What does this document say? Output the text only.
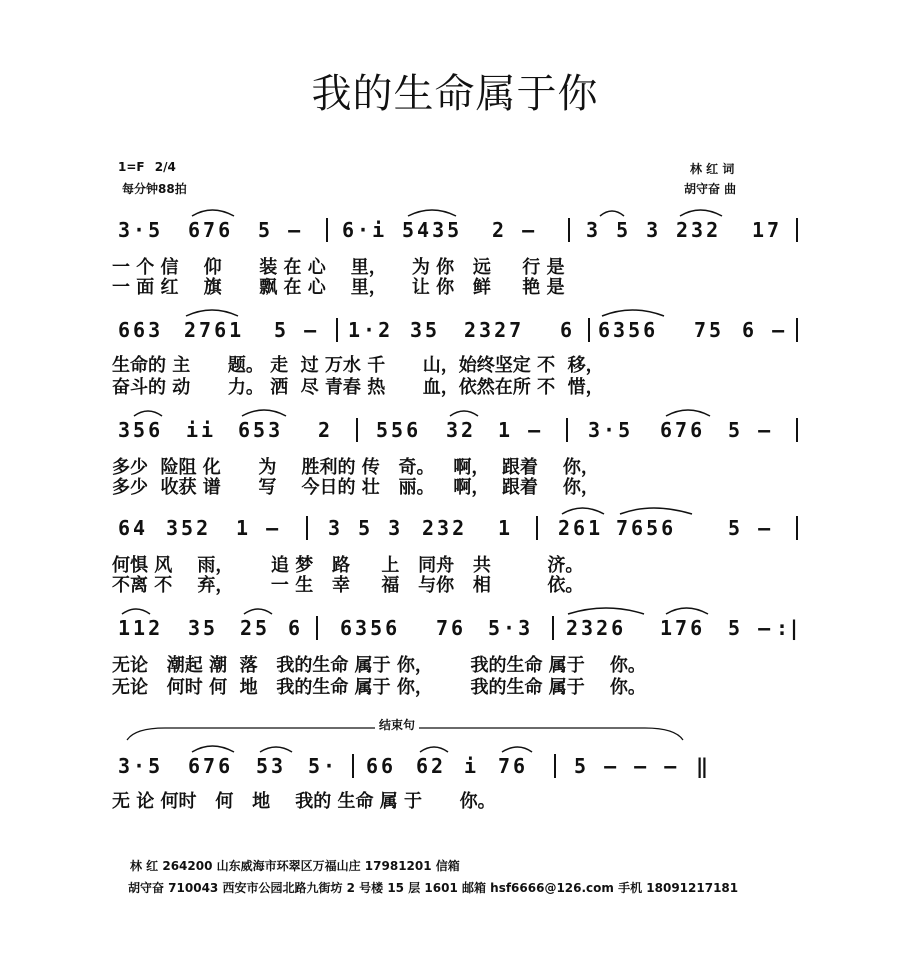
我的生命属于你
1=F 2/4
每分钟88拍
林 红 词
胡守奋 曲
3·5 676 5 — 6·i 5435 2 — 3 5 3 232 17
一 个 信    仰      装 在 心    里，    为 你   远     行 是
一 面 红    旗      飘 在 心    里，    让 你   鲜     艳 是
663 2761 5 — 1·2 35 2327 6 6356 75 6 —
生命的 主      题。 走  过 万水 千      山，始终坚定 不  移，
奋斗的 动      力。 洒  尽 青春 热      血，依然在所 不  惜，
356 ii 653 2 556 32 1 — 3·5 676 5 —
多少  险阻 化      为    胜利的 传   奇。   啊，  跟着    你，
多少  收获 谱      写    今日的 壮   丽。   啊，  跟着    你，
64 352 1 — 3 5 3 232 1 261 7656	5 —
何惧 风    雨，      追 梦   路     上   同舟   共         济。
不离 不    弃，      一 生   幸     福   与你   相         依。
112 35 25 6 6356 76 5·3 2326 176 5 — :|
无论   潮起 潮  落   我的生命 属于 你，      我的生命 属于    你。
无论   何时 何  地   我的生命 属于 你，      我的生命 属于    你。
结束句
3·5 676 53 5· 66 62 i 76 5 — — — ‖
无 论 何时   何   地    我的 生命 属 于      你。
林 红 264200 山东威海市环翠区万福山庄 17981201 信箱
胡守奋 710043 西安市公园北路九街坊 2 号楼 15 层 1601 邮箱 hsf6666@126.com 手机 18091217181
